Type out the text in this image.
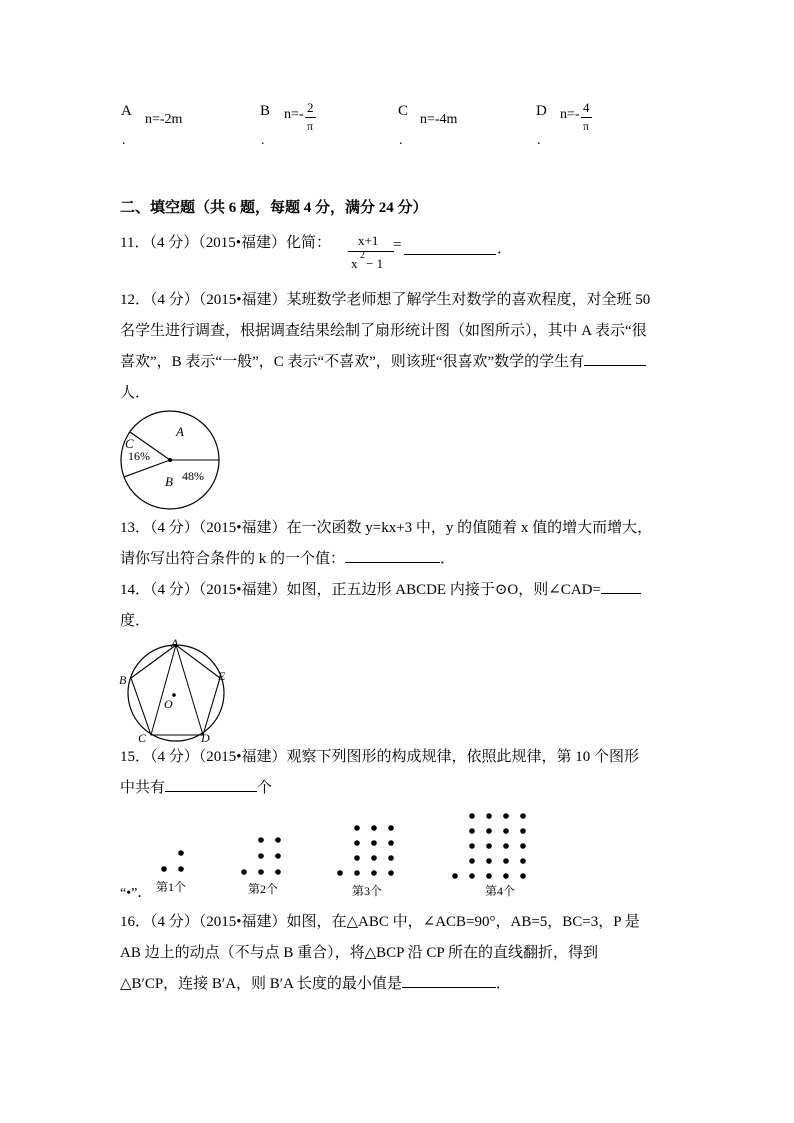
A
n=-2m
.
B n=- 2
π
.
C
n=-4m
.
D n=- 4
π
.
二、填空题（共 6 题，每题 4 分，满分 24 分）
11．（4 分）（2015•福建）化简：	x+1
x
2
− 1
=	．
12．（4 分）（2015•福建）某班数学老师想了解学生对数学的喜欢程度，对全班 50
名学生进行调查，根据调查结果绘制了扇形统计图（如图所示），其中 A 表示“很
喜欢”，B 表示“一般”，C 表示“不喜欢”，则该班“很喜欢”数学的学生有
人．
A
C
16%
B 48%
13．（4 分）（2015•福建）在一次函数 y=kx+3 中，y 的值随着 x 值的增大而增大，
请你写出符合条件的 k 的一个值：	．
14．（4 分）（2015•福建）如图，正五边形 ABCDE 内接于⊙O，则∠CAD=
度．
A
B
C	D
E
O
15．（4 分）（2015•福建）观察下列图形的构成规律，依照此规律，第 10 个图形
中共有	个
“•”． 第1个	第2个	第3个	第4个
16．（4 分）（2015•福建）如图，在△ABC 中，∠ACB=90°，AB=5，BC=3，P 是
AB 边上的动点（不与点 B 重合），将△BCP 沿 CP 所在的直线翻折，得到
△B′CP，连接 B′A，则 B′A 长度的最小值是	．
